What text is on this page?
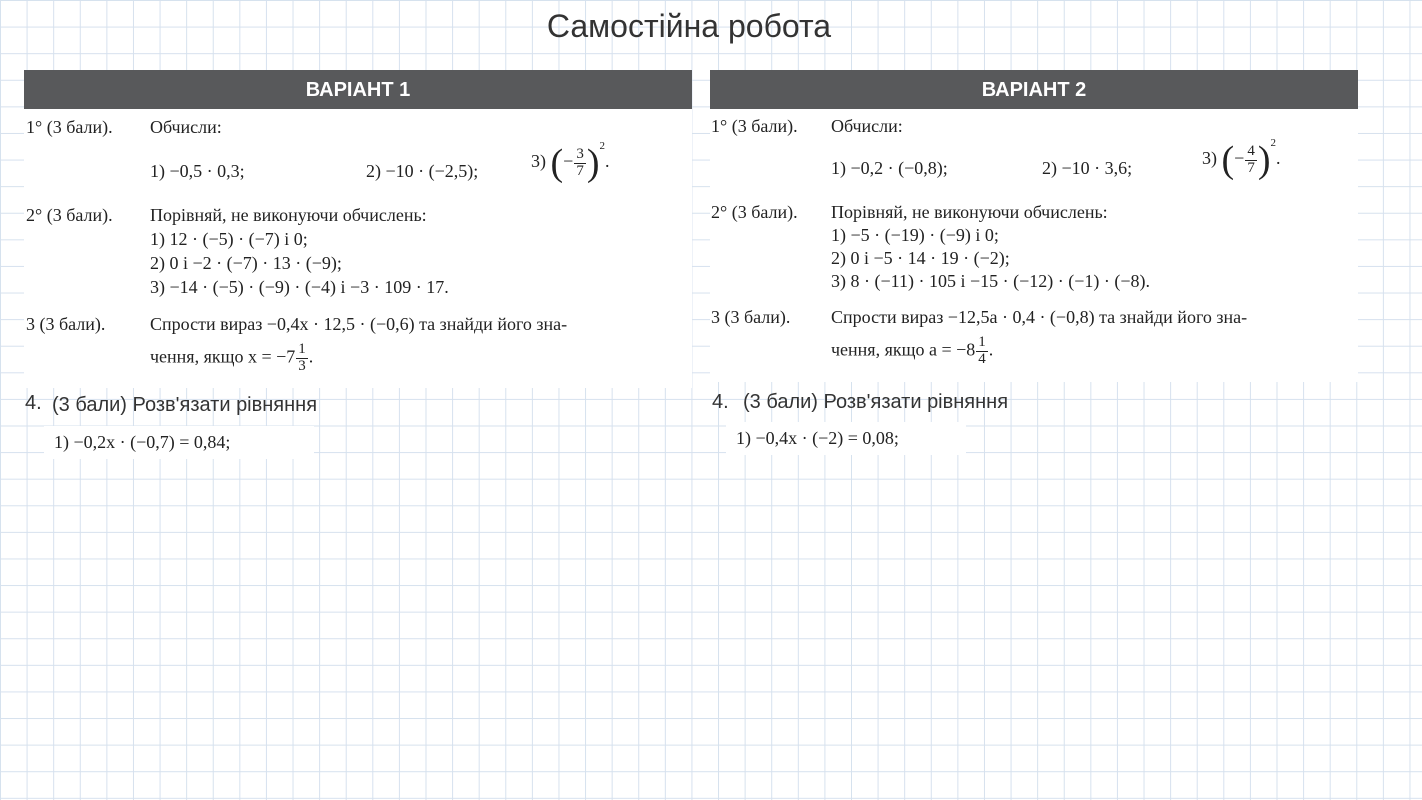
Самостійна робота
ВАРІАНТ 1
1° (3 бали). Обчисли:
1) −0,5 · 0,3;	2) −10 · (−2,5);	3) (− $\frac{3}{7} )^2$.
2° (3 бали). Порівняй, не виконуючи обчислень:
1) 12 · (−5) · (−7) і 0;
2) 0 і −2 · (−7) · 13 · (−9);
3) −14 · (−5) · (−9) · (−4) і −3 · 109 · 17.
3 (3 бали). Спрости вираз −0,4x · 12,5 · (−0,6) та знайди його зна-
чення, якщо $x = -7 \frac{1}{3}$ .
4. (3 бали) Розв'язати рівняння
1) −0,2x · (−0,7) = 0,84;
ВАРІАНТ 2
1° (3 бали). Обчисли:
1) −0,2 · (−0,8);	2) −10 · 3,6;	3) (− $\frac{4}{7} )^2$.
2° (3 бали). Порівняй, не виконуючи обчислень:
1) −5 · (−19) · (−9) і 0;
2) 0 і −5 · 14 · 19 · (−2);
3) 8 · (−11) · 105 і −15 · (−12) · (−1) · (−8).
3 (3 бали). Спрости вираз −12,5a · 0,4 · (−0,8) та знайди його зна-
чення, якщо $a = -8 \frac{1}{4}$ .
4. (3 бали) Розв'язати рівняння
1) −0,4x · (−2) = 0,08;
